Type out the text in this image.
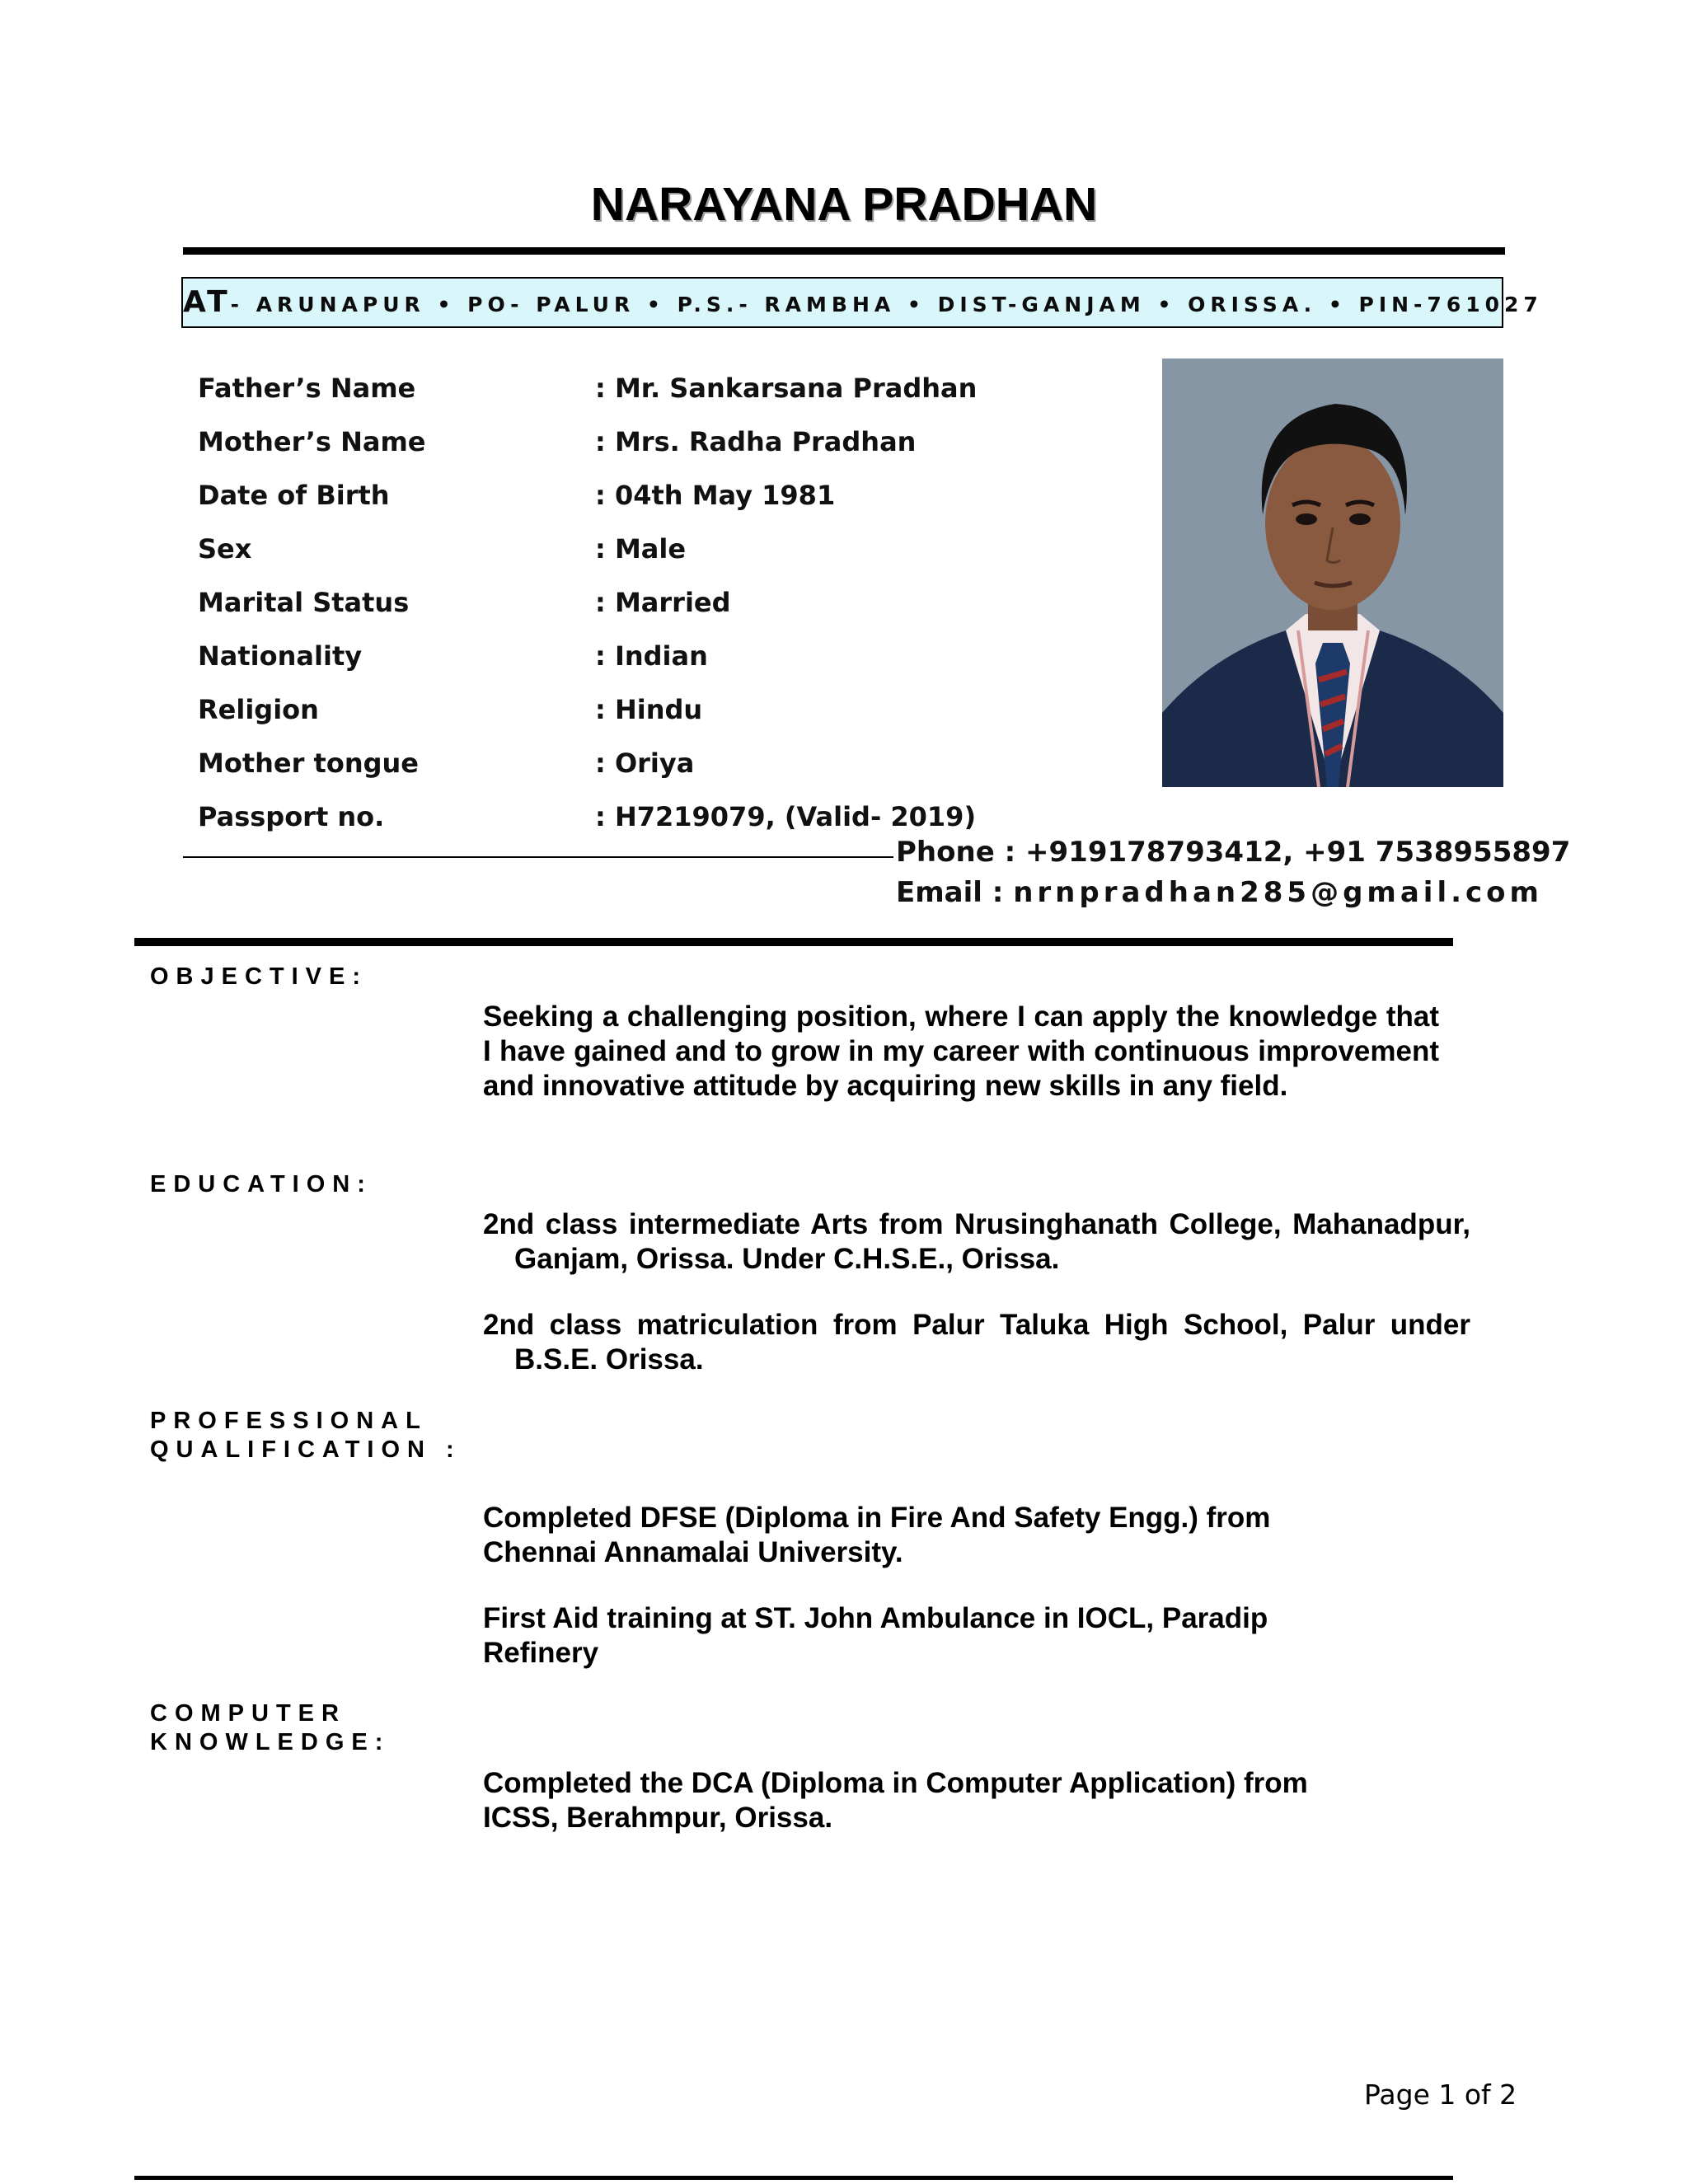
NARAYANA PRADHAN
AT- ARUNAPUR • PO- PALUR • P.S.- RAMBHA • DIST-GANJAM • ORISSA. • PIN-761027
Father’s Name	: Mr. Sankarsana Pradhan
Mother’s Name	: Mrs. Radha Pradhan
Date of Birth	: 04th May 1981
Sex	: Male
Marital Status	: Married
Nationality	: Indian
Religion	: Hindu
Mother tongue	: Oriya
Passport no.	: H7219079, (Valid- 2019)
Phone : +919178793412, +91 7538955897
Email : nrnpradhan285@gmail.com
OBJECTIVE:
Seeking a challenging position, where I can apply the knowledge that I have gained and to grow in my career with continuous improvement and innovative attitude by acquiring new skills in any field.
EDUCATION:
2nd class intermediate Arts from Nrusinghanath College, Mahanadpur, Ganjam, Orissa. Under C.H.S.E., Orissa.
2nd class matriculation from Palur Taluka High School, Palur under B.S.E. Orissa.
PROFESSIONAL
QUALIFICATION :
Completed DFSE (Diploma in Fire And Safety Engg.) from Chennai Annamalai University.
First Aid training at ST. John Ambulance in IOCL, Paradip Refinery
COMPUTER
KNOWLEDGE:
Completed the DCA (Diploma in Computer Application) from ICSS, Berahmpur, Orissa.
Page 1 of 2
